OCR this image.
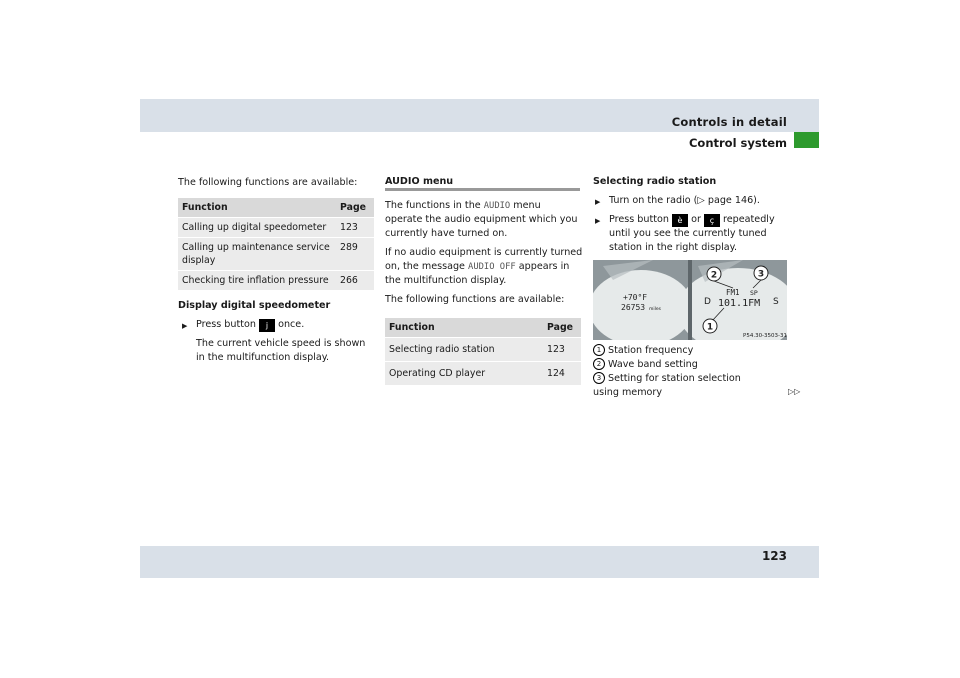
Controls in detail
Control system
The following functions are available:
Function	Page
Calling up digital speedometer	123
Calling up maintenance service display	289
Checking tire inflation pressure	266
Display digital speedometer
▶ Press button j once.
The current vehicle speed is shown in the multifunction display.
AUDIO menu
The functions in the AUDIO menu operate the audio equipment which you currently have turned on.
If no audio equipment is currently turned on, the message AUDIO OFF appears in the multifunction display.
The following functions are available:
Function	Page
Selecting radio station	123
Operating CD player	124
Selecting radio station
▶ Turn on the radio (▷ page 146).
▶ Press button è or ç repeatedly until you see the currently tuned station in the right display.
+70°F
26753 miles
FM1 SP
101.1FM
D	S
2	3
1
P54.30-3503-31
1 Station frequency
2 Wave band setting
3 Setting for station selection using memory	▷▷
123
